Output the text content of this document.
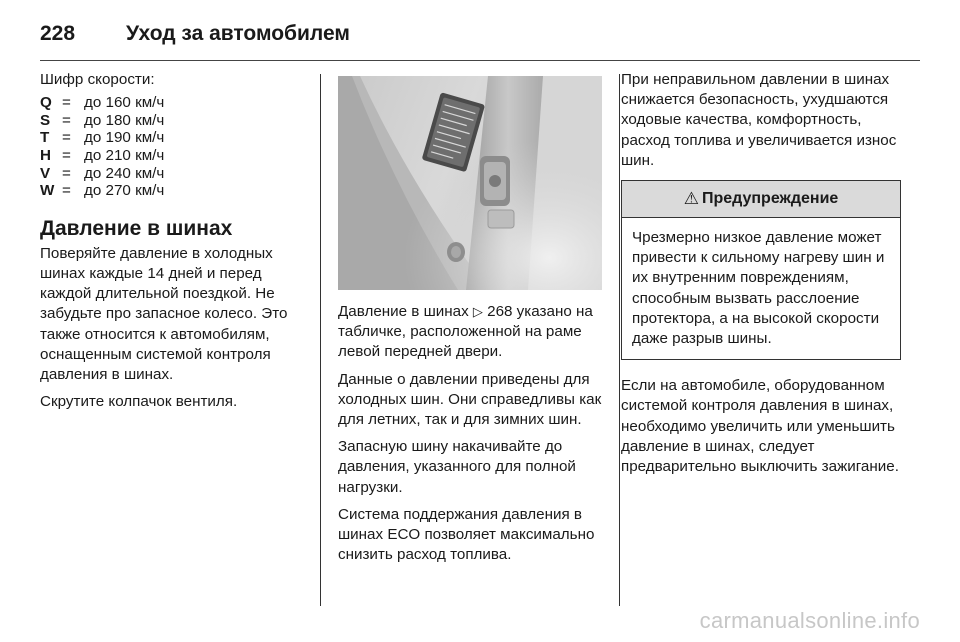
228	Уход за автомобилем

Шифр скорости:

Q	=	до 160 км/ч
S	=	до 180 км/ч
T	=	до 190 км/ч
H	=	до 210 км/ч
V	=	до 240 км/ч
W	=	до 270 км/ч
Давление в шинах

Поверяйте давление в холодных шинах каждые 14 дней и перед каждой длительной поездкой. Не забудьте про запасное колесо. Это также относится к автомобилям, оснащенным системой контроля давления в шинах.

Скрутите колпачок вентиля.

Давление в шинах ▷ 268 указано на табличке, расположенной на раме левой передней двери.

Данные о давлении приведены для холодных шин. Они справедливы как для летних, так и для зимних шин.

Запасную шину накачивайте до давления, указанного для полной нагрузки.

Система поддержания давления в шинах ECO позволяет максимально снизить расход топлива.

При неправильном давлении в шинах снижается безопасность, ухудшаются ходовые качества, комфортность, расход топлива и увеличивается износ шин.

⚠ Предупреждение
Чрезмерно низкое давление может привести к сильному нагреву шин и их внутренним повреждениям, способным вызвать расслоение протектора, а на высокой скорости даже разрыв шины.

Если на автомобиле, оборудованном системой контроля давления в шинах, необходимо увеличить или уменьшить давление в шинах, следует предварительно выключить зажигание.

carmanualsonline.info
